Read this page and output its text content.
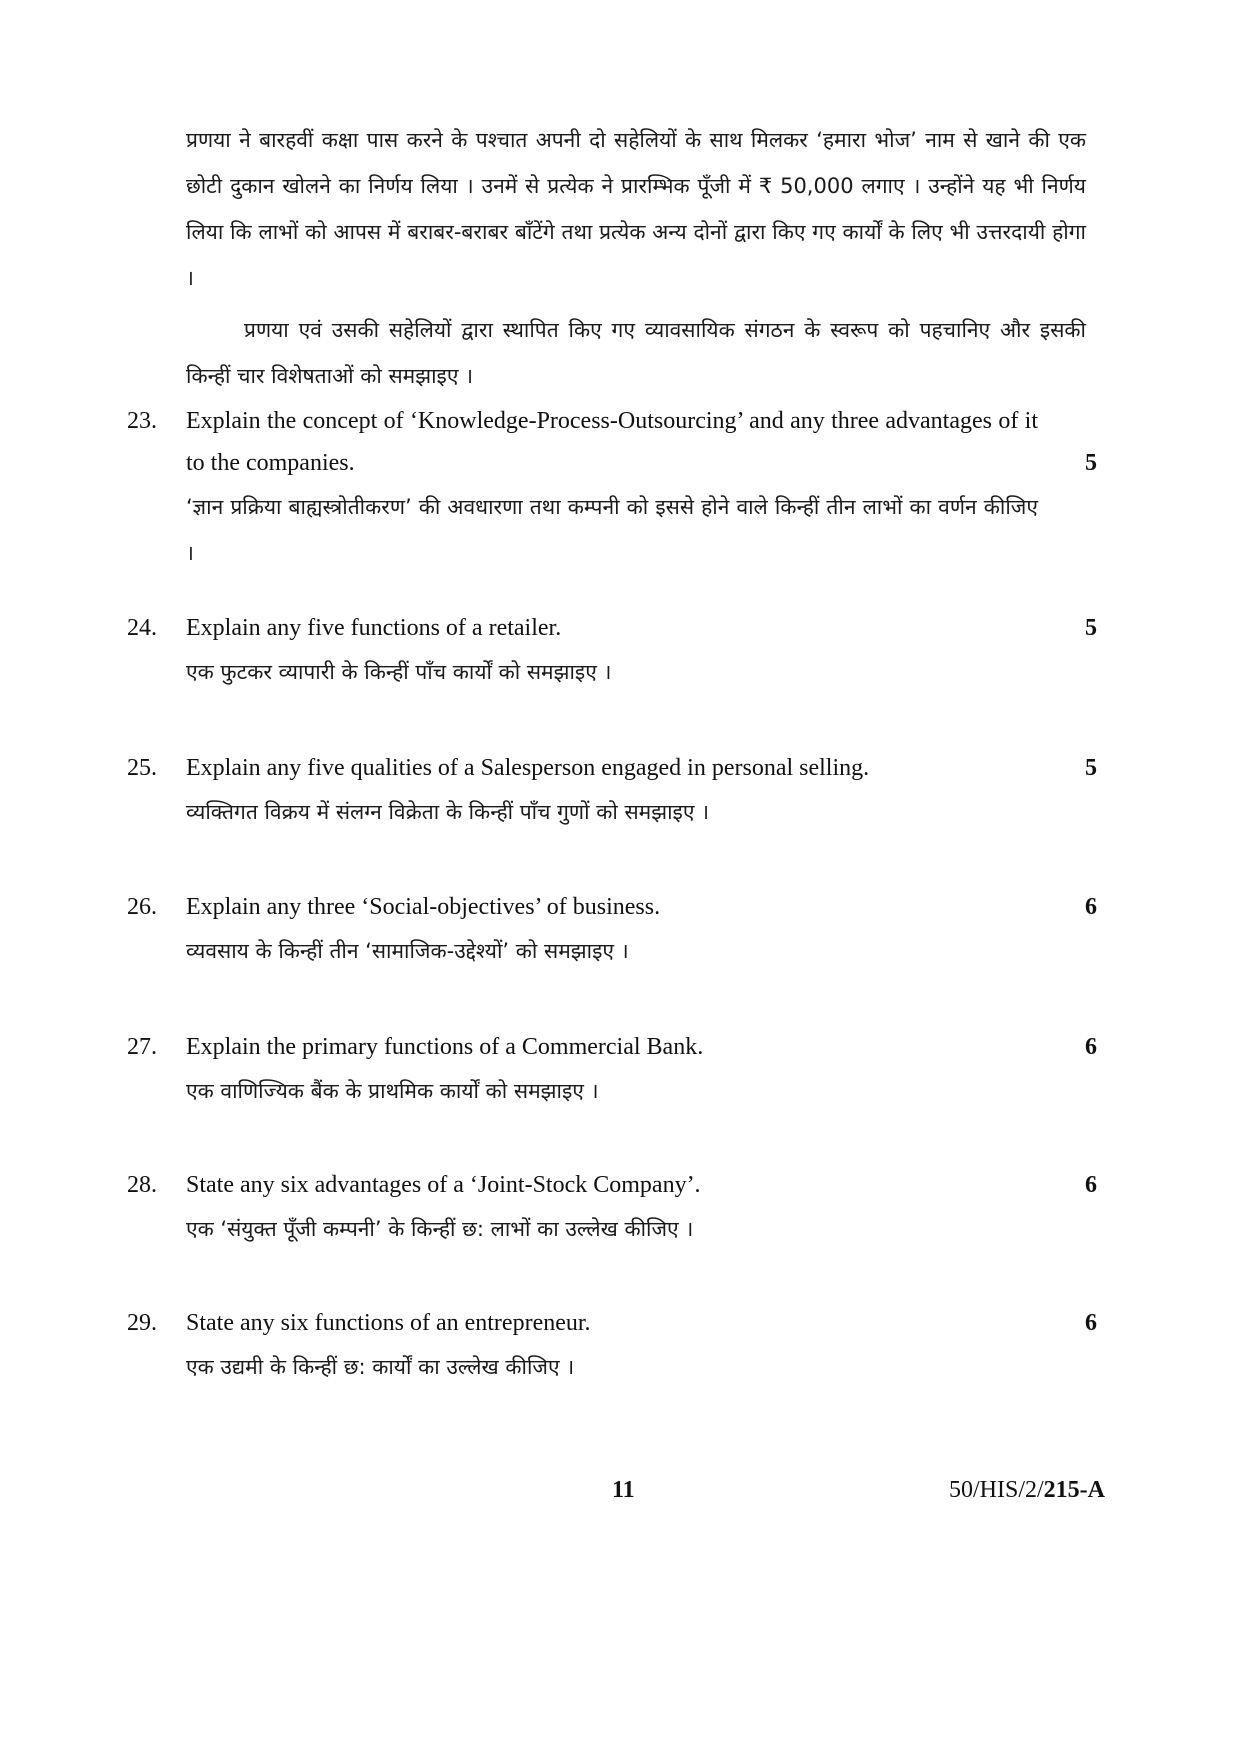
प्रणया ने बारहवीं कक्षा पास करने के पश्चात अपनी दो सहेलियों के साथ मिलकर ‘हमारा भोज’ नाम से खाने की एक छोटी दुकान खोलने का निर्णय लिया । उनमें से प्रत्येक ने प्रारम्भिक पूँजी में ₹ 50,000 लगाए । उन्होंने यह भी निर्णय लिया कि लाभों को आपस में बराबर-बराबर बाँटेंगे तथा प्रत्येक अन्य दोनों द्वारा किए गए कार्यों के लिए भी उत्तरदायी होगा ।

प्रणया एवं उसकी सहेलियों द्वारा स्थापित किए गए व्यावसायिक संगठन के स्वरूप को पहचानिए और इसकी किन्हीं चार विशेषताओं को समझाइए ।

23. Explain the concept of ‘Knowledge-Process-Outsourcing’ and any three advantages of it to the companies.

‘ज्ञान प्रक्रिया बाह्यस्त्रोतीकरण’ की अवधारणा तथा कम्पनी को इससे होने वाले किन्हीं तीन लाभों का वर्णन कीजिए ।

5
24. Explain any five functions of a retailer.

एक फुटकर व्यापारी के किन्हीं पाँच कार्यों को समझाइए ।

5
25. Explain any five qualities of a Salesperson engaged in personal selling.

व्यक्तिगत विक्रय में संलग्न विक्रेता के किन्हीं पाँच गुणों को समझाइए ।

5
26. Explain any three ‘Social-objectives’ of business.

व्यवसाय के किन्हीं तीन ‘सामाजिक-उद्देश्यों’ को समझाइए ।

6
27. Explain the primary functions of a Commercial Bank.

एक वाणिज्यिक बैंक के प्राथमिक कार्यों को समझाइए ।

6
28. State any six advantages of a ‘Joint-Stock Company’.

एक ‘संयुक्त पूँजी कम्पनी’ के किन्हीं छ: लाभों का उल्लेख कीजिए ।

6
29. State any six functions of an entrepreneur.

एक उद्यमी के किन्हीं छ: कार्यों का उल्लेख कीजिए ।

6
11	50/HIS/2/215-A
